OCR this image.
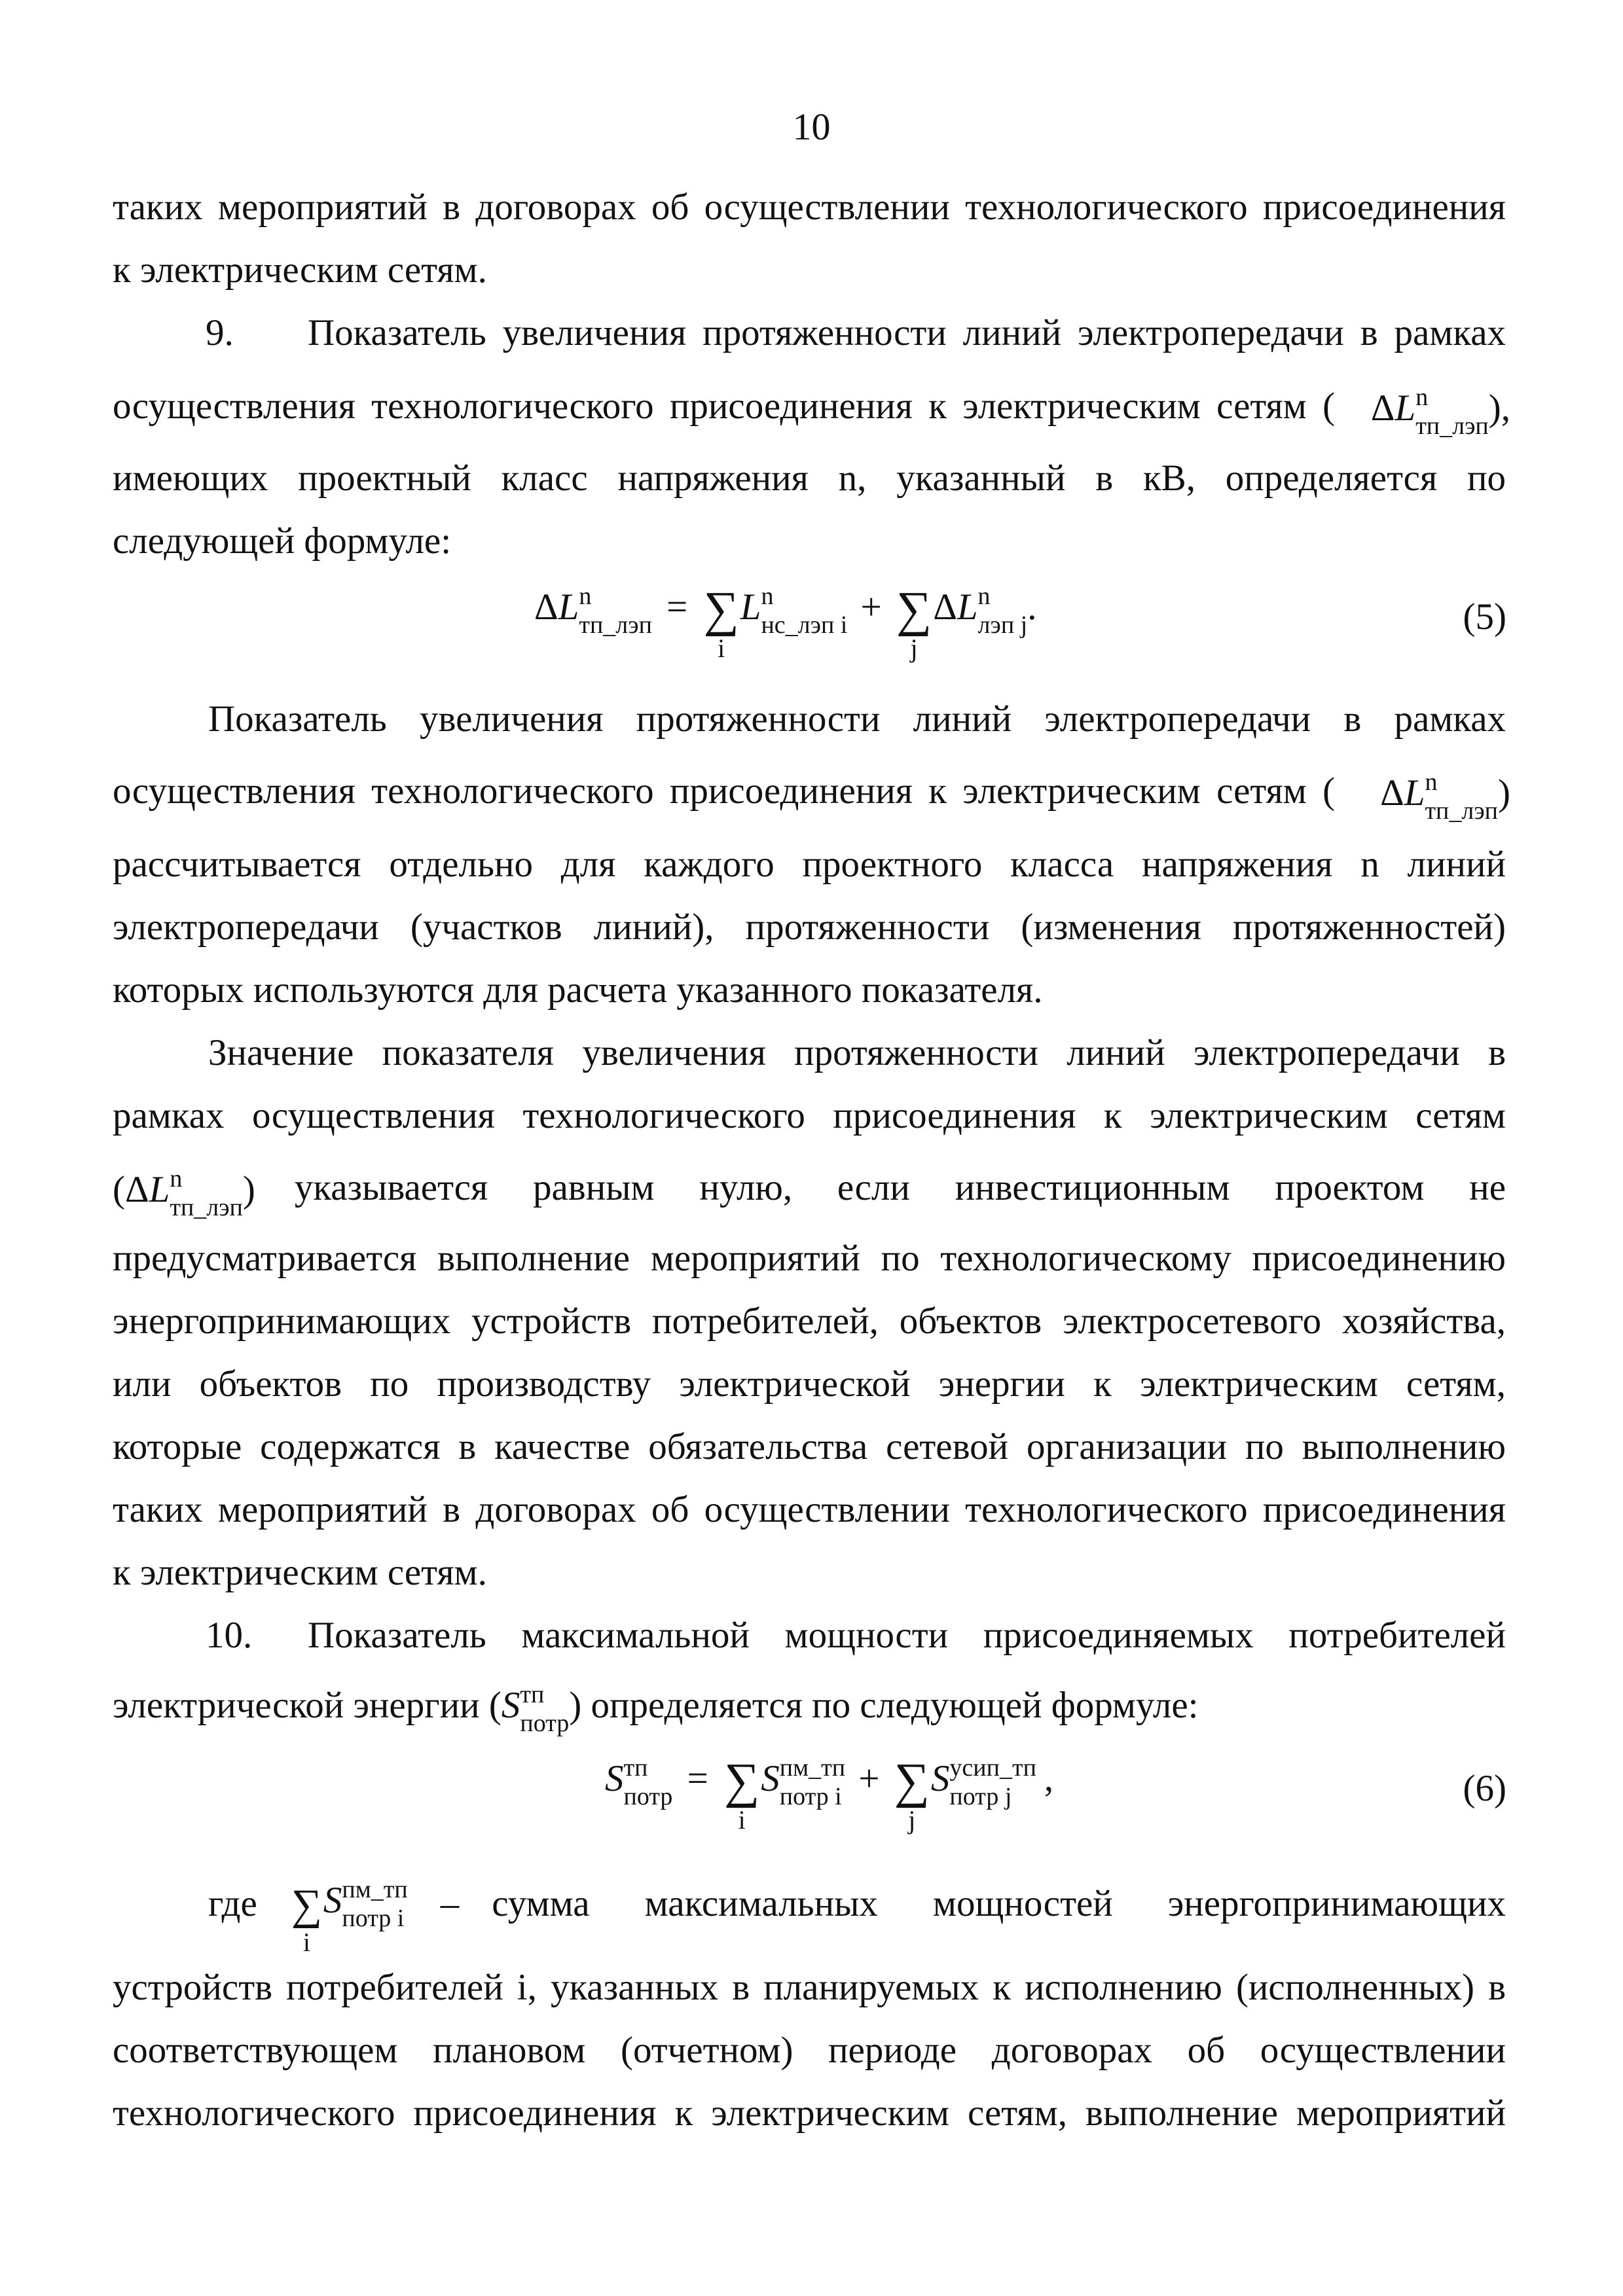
10
таких мероприятий в договорах об осуществлении технологического присоединения
к электрическим сетям.
9.	Показатель увеличения протяженности линий электропередачи в рамках
осуществления технологического присоединения к электрическим сетям ( ΔL n
тп_лэп ),
имеющих проектный класс напряжения n, указанный в кВ, определяется по
следующей формуле:
ΔL n
тп_лэп = ∑
i
L n
нс_лэп i + ∑
j
ΔL n
лэп j .	(5)
Показатель увеличения протяженности линий электропередачи в рамках
осуществления технологического присоединения к электрическим сетям ( ΔL n
тп_лэп )
рассчитывается отдельно для каждого проектного класса напряжения n линий
электропередачи (участков линий), протяженности (изменения протяженностей)
которых используются для расчета указанного показателя.
Значение показателя увеличения протяженности линий электропередачи в
рамках осуществления технологического присоединения к электрическим сетям
(ΔL n
тп_лэп ) указывается равным нулю, если инвестиционным проектом не
предусматривается выполнение мероприятий по технологическому присоединению
энергопринимающих устройств потребителей, объектов электросетевого хозяйства,
или объектов по производству электрической энергии к электрическим сетям,
которые содержатся в качестве обязательства сетевой организации по выполнению
таких мероприятий в договорах об осуществлении технологического присоединения
к электрическим сетям.
10.	Показатель максимальной мощности присоединяемых потребителей
электрической энергии (S тп
потр ) определяется по следующей формуле:
S тп
потр = ∑
i
S пм_тп
потр i + ∑
j
S усип_тп
потр j ,	(6)
где ∑
i
S пм_тп
потр i – сумма максимальных мощностей энергопринимающих
устройств потребителей i, указанных в планируемых к исполнению (исполненных) в
соответствующем плановом (отчетном) периоде договорах об осуществлении
технологического присоединения к электрическим сетям, выполнение мероприятий
